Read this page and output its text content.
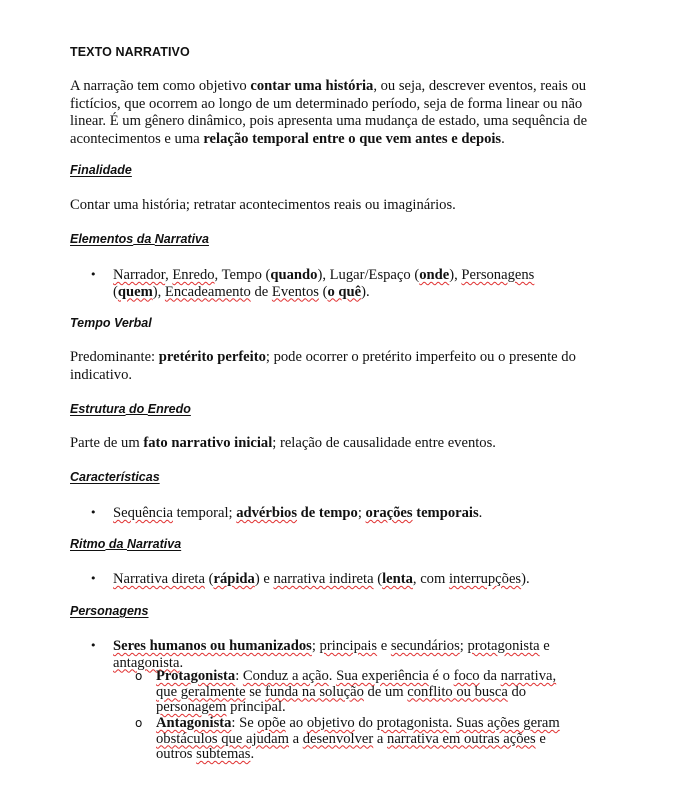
TEXTO NARRATIVO

A narração tem como objetivo contar uma história, ou seja, descrever eventos, reais ou fictícios, que ocorrem ao longo de um determinado período, seja de forma linear ou não linear. É um gênero dinâmico, pois apresenta uma mudança de estado, uma sequência de acontecimentos e uma relação temporal entre o que vem antes e depois.

Finalidade

Contar uma história; retratar acontecimentos reais ou imaginários.

Elementos da Narrativa
• Narrador, Enredo, Tempo (quando), Lugar/Espaço (onde), Personagens (quem), Encadeamento de Eventos (o quê).
Tempo Verbal

Predominante: pretérito perfeito; pode ocorrer o pretérito imperfeito ou o presente do indicativo.

Estrutura do Enredo

Parte de um fato narrativo inicial; relação de causalidade entre eventos.

Características
• Sequência temporal; advérbios de tempo; orações temporais.
Ritmo da Narrativa
• Narrativa direta (rápida) e narrativa indireta (lenta, com interrupções).
Personagens
• Seres humanos ou humanizados; principais e secundários; protagonista e antagonista.
o Protagonista: Conduz a ação. Sua experiência é o foco da narrativa, que geralmente se funda na solução de um conflito ou busca do personagem principal.
o Antagonista: Se opõe ao objetivo do protagonista. Suas ações geram obstáculos que ajudam a desenvolver a narrativa em outras ações e outros subtemas.
